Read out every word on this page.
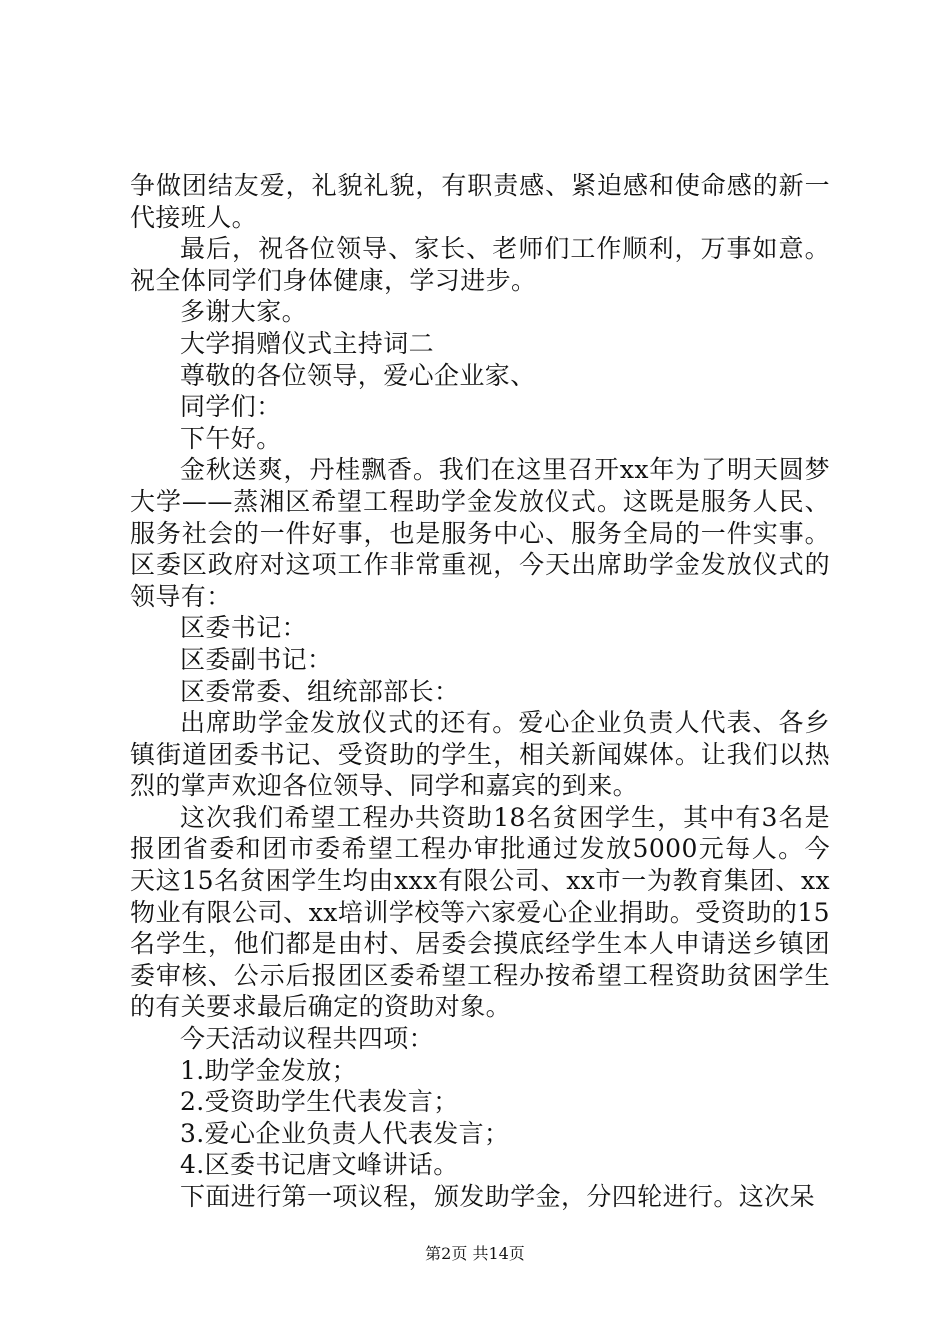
争做团结友爱，礼貌礼貌，有职责感、紧迫感和使命感的新一代接班人。

最后，祝各位领导、家长、老师们工作顺利，万事如意。祝全体同学们身体健康，学习进步。

多谢大家。

大学捐赠仪式主持词二

尊敬的各位领导，爱心企业家、

同学们：

下午好。

金秋送爽，丹桂飘香。我们在这里召开xx年为了明天圆梦大学——蒸湘区希望工程助学金发放仪式。这既是服务人民、服务社会的一件好事，也是服务中心、服务全局的一件实事。区委区政府对这项工作非常重视，今天出席助学金发放仪式的领导有：

区委书记：

区委副书记：

区委常委、组统部部长：

出席助学金发放仪式的还有。爱心企业负责人代表、各乡镇街道团委书记、受资助的学生，相关新闻媒体。让我们以热烈的掌声欢迎各位领导、同学和嘉宾的到来。

这次我们希望工程办共资助18名贫困学生，其中有3名是报团省委和团市委希望工程办审批通过发放5000元每人。今天这15名贫困学生均由xxx有限公司、xx市一为教育集团、xx物业有限公司、xx培训学校等六家爱心企业捐助。受资助的15名学生，他们都是由村、居委会摸底经学生本人申请送乡镇团委审核、公示后报团区委希望工程办按希望工程资助贫困学生的有关要求最后确定的资助对象。

今天活动议程共四项：

1.助学金发放；

2.受资助学生代表发言；

3.爱心企业负责人代表发言；

4.区委书记唐文峰讲话。

下面进行第一项议程，颁发助学金，分四轮进行。这次呆

第2页 共14页
